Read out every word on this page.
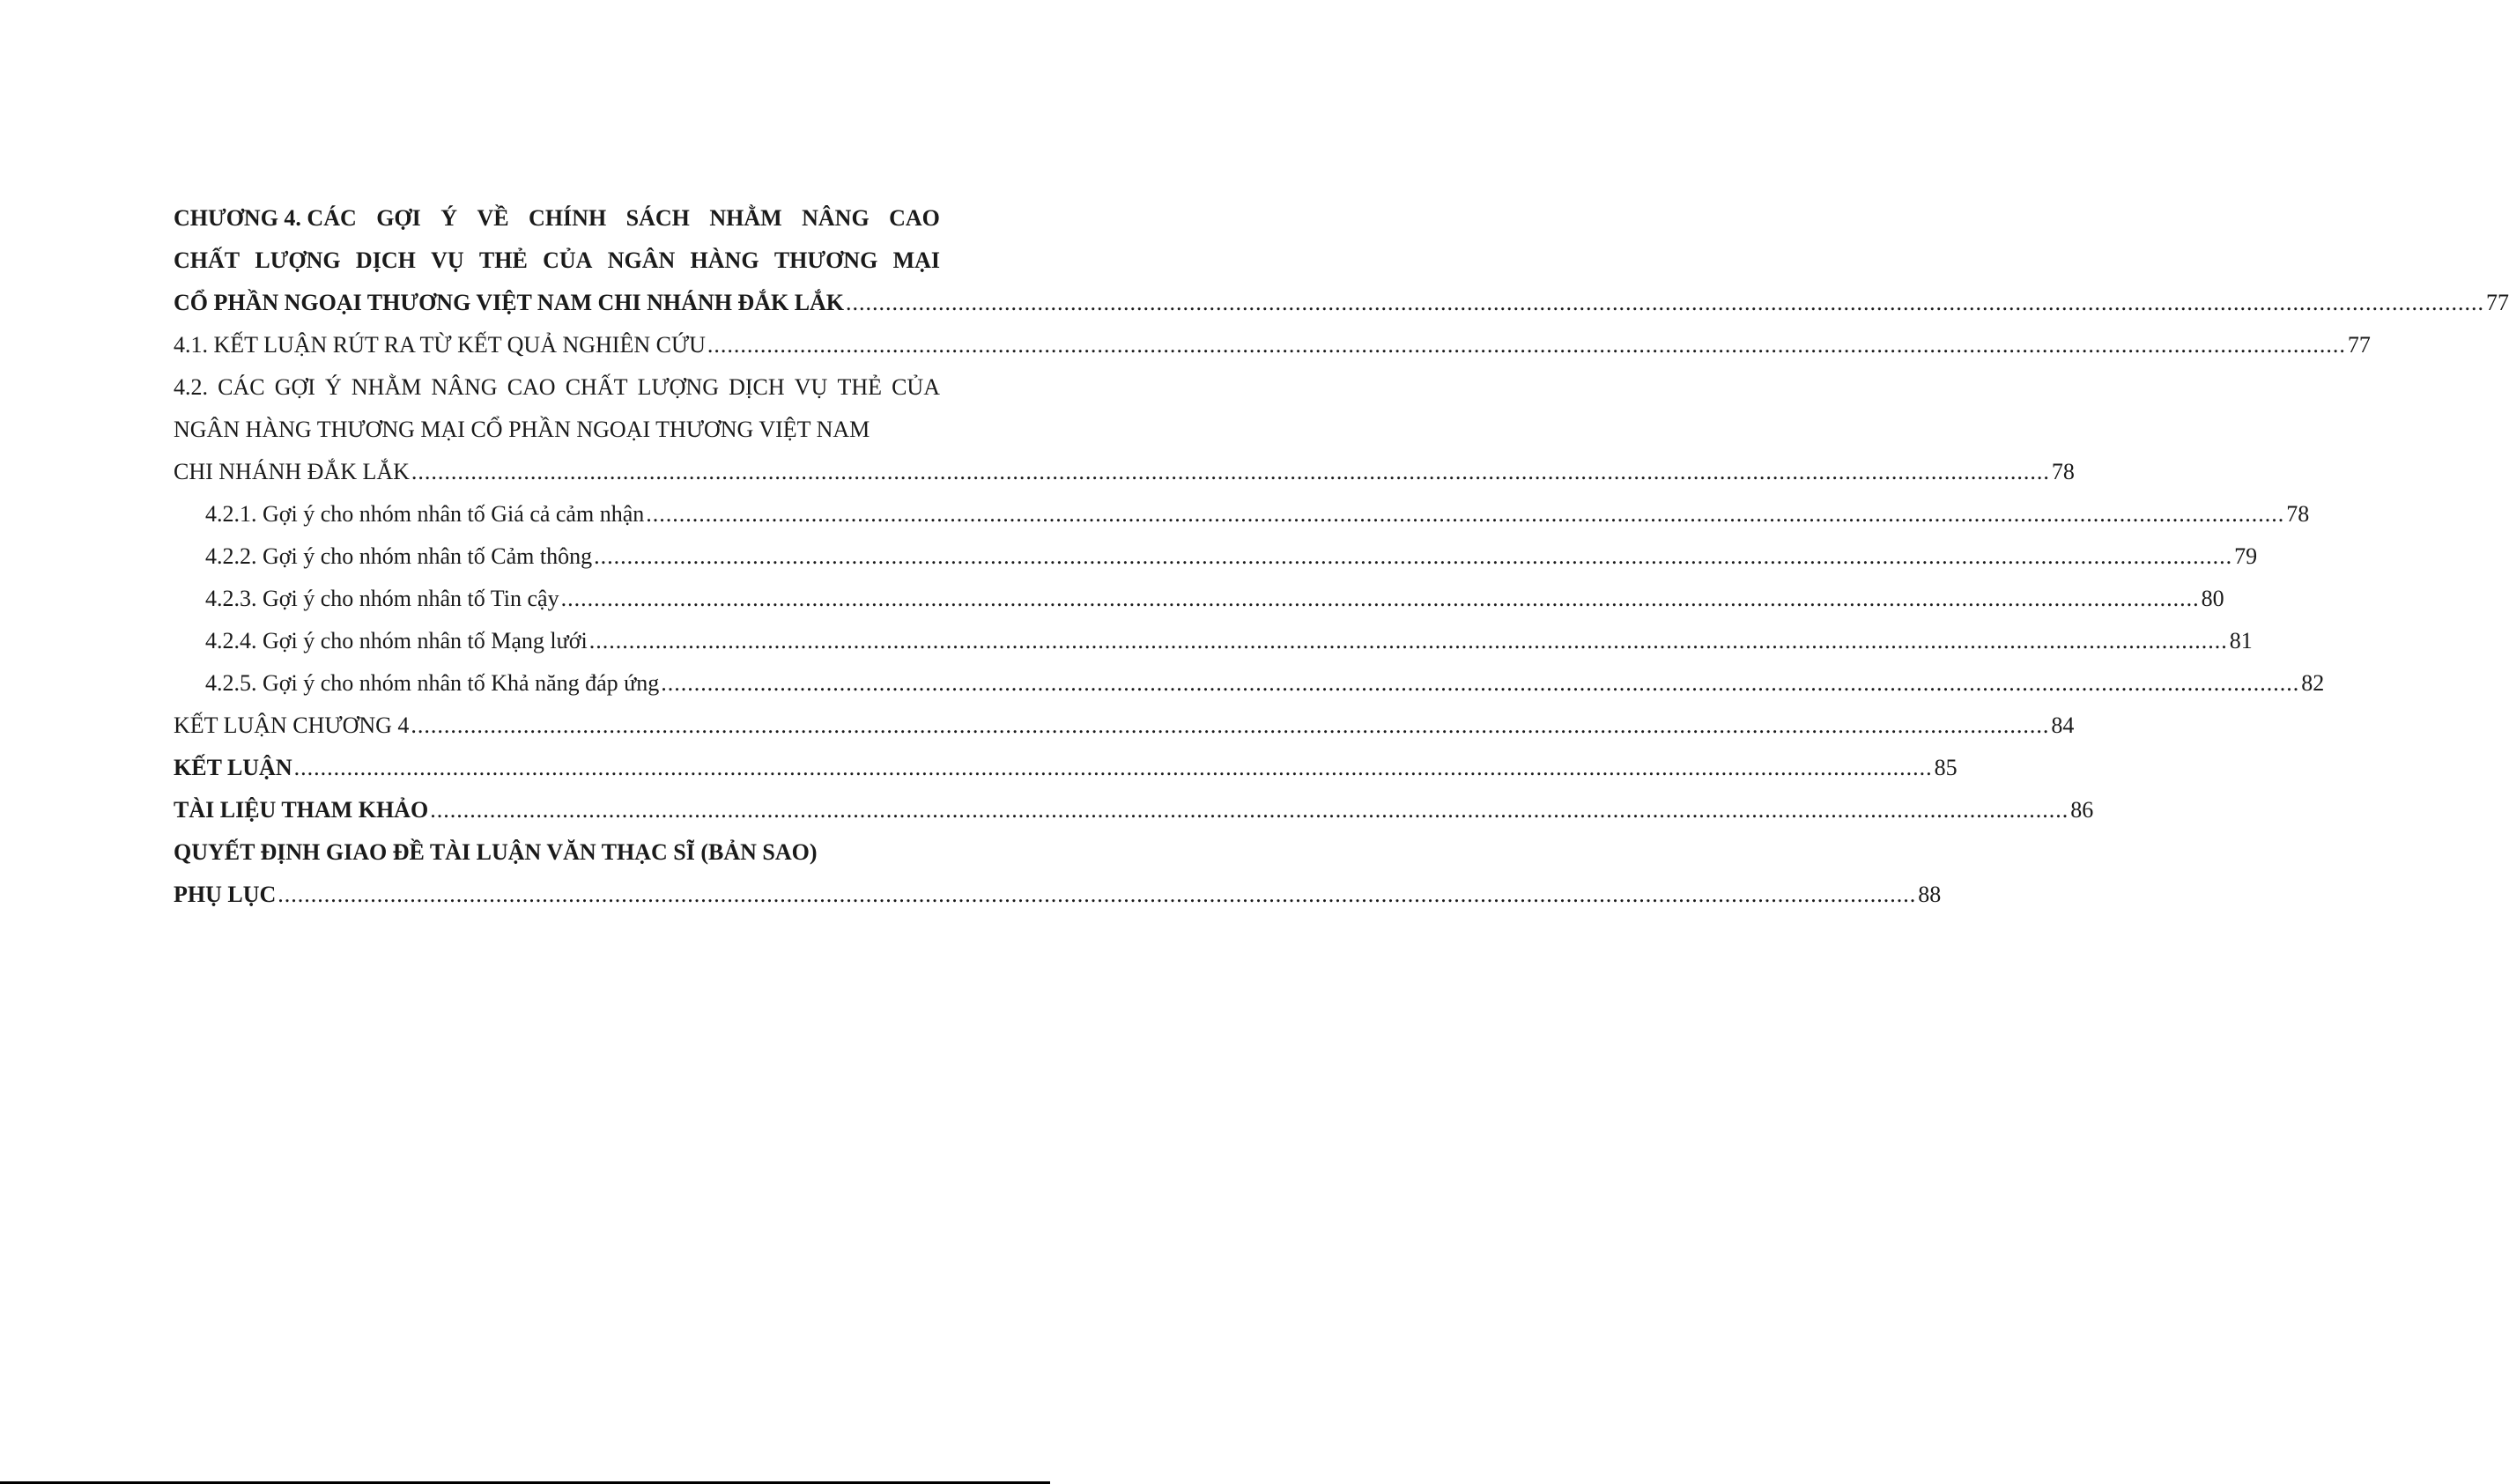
CHƯƠNG 4. CÁC GỢI Ý VỀ CHÍNH SÁCH NHẰM NÂNG CAO
CHẤT LƯỢNG DỊCH VỤ THẺ CỦA NGÂN HÀNG THƯƠNG MẠI
CỔ PHẦN NGOẠI THƯƠNG VIỆT NAM CHI NHÁNH ĐẮK LẮK .....	77
4.1. KẾT LUẬN RÚT RA TỪ KẾT QUẢ NGHIÊN CỨU .....	77
4.2. CÁC GỢI Ý NHẰM NÂNG CAO CHẤT LƯỢNG DỊCH VỤ THẺ CỦA
NGÂN HÀNG THƯƠNG MẠI CỔ PHẦN NGOẠI THƯƠNG VIỆT NAM
CHI NHÁNH ĐẮK LẮK .....	78
4.2.1. Gợi ý cho nhóm nhân tố Giá cả cảm nhận .....	78
4.2.2. Gợi ý cho nhóm nhân tố Cảm thông .....	79
4.2.3. Gợi ý cho nhóm nhân tố Tin cậy .....	80
4.2.4. Gợi ý cho nhóm nhân tố Mạng lưới .....	81
4.2.5. Gợi ý cho nhóm nhân tố Khả năng đáp ứng .....	82
KẾT LUẬN CHƯƠNG 4 .....	84
KẾT LUẬN .....	85
TÀI LIỆU THAM KHẢO .....	86
QUYẾT ĐỊNH GIAO ĐỀ TÀI LUẬN VĂN THẠC SĨ (BẢN SAO)
PHỤ LỤC .....	88
